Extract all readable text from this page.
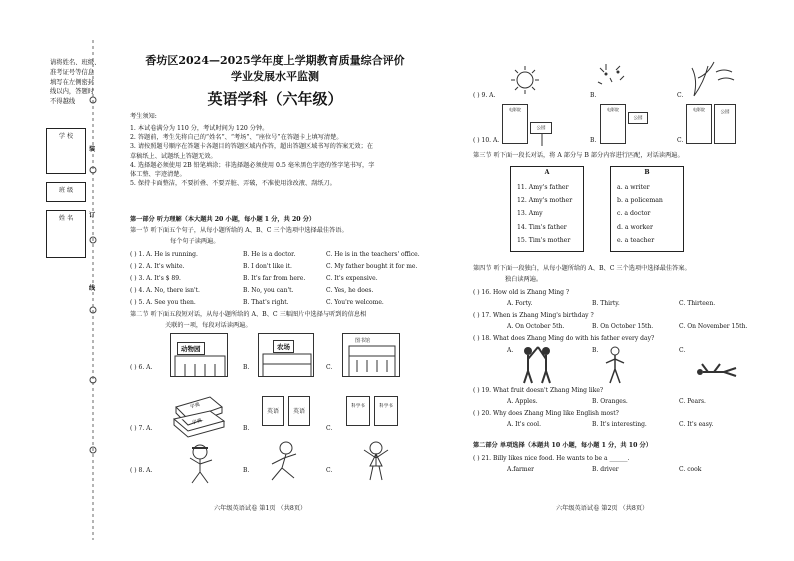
请将姓名、班级、
准考证号等信息
填写在左侧密封
线以内，答题时
不得越线
学 校
班 级
姓 名
装
订
线
香坊区2024—2025学年度上学期教育质量综合评价
学业发展水平监测
英语学科（六年级）
考生须知:
1. 本试卷满分为 110 分，考试时间为 120 分钟。
2. 答题前，考生先将自己的“姓名”、“考场”、“座位号”在答题卡上填写清楚。
3. 请按照题号顺序在答题卡各题目的答题区域内作答，超出答题区域书写的答案无效；在
草稿纸上、试题纸上答题无效。
4. 选择题必须使用 2B 铅笔填涂；非选择题必须使用 0.5 毫米黑色字迹的签字笔书写，字
体工整、字迹清楚。
5. 保持卡面整洁，不要折叠、不要弄脏、弄破，不准使用涂改液、刮纸刀。
第一部分 听力理解（本大题共 20 小题，每小题 1 分，共 20 分）
第一节 听下面五个句子，从每小题所给的 A、B、C 三个选项中选择最佳答语。
每个句子读两遍。
( ) 1. A. He is running.	B. He is a doctor.	C. He is in the teachers' office.
( ) 2. A. It's white.	B. I don't like it.	C. My father bought it for me.
( ) 3. A. It's $ 89.	B. It's far from here.	C. It's expensive.
( ) 4. A. No, there isn't.	B. No, you can't.	C. Yes, he does.
( ) 5. A. See you then.	B. That's right.	C. You're welcome.
第二节 听下面五段短对话，从每小题所给的 A、B、C 三幅图片中选择与听到的信息相
关联的一项，每段对话读两遍。
( ) 6. A.
动物园
B.
农场
C.
图书馆
( ) 7. A.
字典
字典
B.
英语	英语
C.
科学书	科学书
( ) 8. A.	B.	C.
六年级英语试卷 第1页 （共8页）
( ) 9. A.	B.	C.
( ) 10. A.
电影院
公园
B.
电影院
公园
C.
电影院
公园
第三节 听下面一段长对话，将 A 部分与 B 部分内容进行匹配，对话读两遍。
A
11. Amy's father
12. Amy's mother
13. Amy
14. Tim's father
15. Tim's mother
B
a. a writer
b. a policeman
c. a doctor
d. a worker
e. a teacher
第四节 听下面一段独白，从每小题所给的 A、B、C 三个选项中选择最佳答案。
独白读两遍。
( ) 16. How old is Zhang Ming ?
A. Forty.	B. Thirty.	C. Thirteen.
( ) 17. When is Zhang Ming's birthday ?
A. On October 5th.	B. On October 15th.	C. On November 15th.
( ) 18. What does Zhang Ming do with his father every day?
A.	B.	C.
( ) 19. What fruit doesn't Zhang Ming like?
A. Apples.	B. Oranges.	C. Pears.
( ) 20. Why does Zhang Ming like English most?
A. It's cool.	B. It's interesting.	C. It's easy.
第二部分 单项选择（本题共 10 小题，每小题 1 分，共 10 分）
( ) 21. Billy likes nice food. He wants to be a ______.
A.farmer	B. driver	C. cook
六年级英语试卷 第2页 （共8页）
